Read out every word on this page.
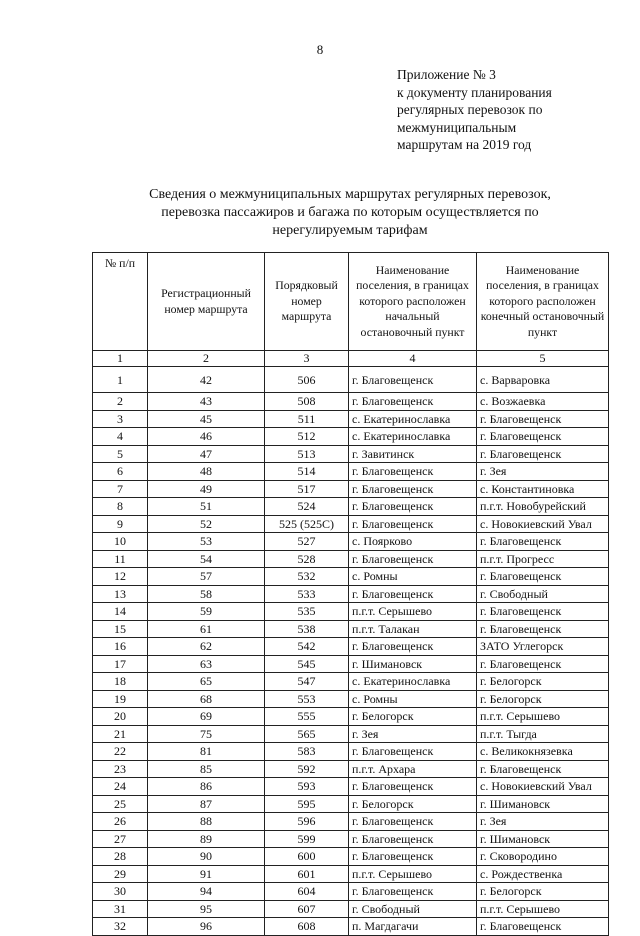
8
Приложение № 3
к документу планирования
регулярных перевозок по
межмуниципальным
маршрутам на 2019 год
Сведения о межмуниципальных маршрутах регулярных перевозок,
перевозка пассажиров и багажа по которым осуществляется по
нерегулируемым тарифам
№ п/п	Регистрационный номер маршрута	Порядковый номер маршрута	Наименование поселения, в границах которого расположен начальный остановочный пункт	Наименование поселения, в границах которого расположен конечный остановочный пункт
1	2	3	4	5
1	42	506	г. Благовещенск	с. Варваровка
2	43	508	г. Благовещенск	с. Возжаевка
3	45	511	с. Екатеринославка	г. Благовещенск
4	46	512	с. Екатеринославка	г. Благовещенск
5	47	513	г. Завитинск	г. Благовещенск
6	48	514	г. Благовещенск	г. Зея
7	49	517	г. Благовещенск	с. Константиновка
8	51	524	г. Благовещенск	п.г.т. Новобурейский
9	52	525 (525С)	г. Благовещенск	с. Новокиевский Увал
10	53	527	с. Поярково	г. Благовещенск
11	54	528	г. Благовещенск	п.г.т. Прогресс
12	57	532	с. Ромны	г. Благовещенск
13	58	533	г. Благовещенск	г. Свободный
14	59	535	п.г.т. Серышево	г. Благовещенск
15	61	538	п.г.т. Талакан	г. Благовещенск
16	62	542	г. Благовещенск	ЗАТО Углегорск
17	63	545	г. Шимановск	г. Благовещенск
18	65	547	с. Екатеринославка	г. Белогорск
19	68	553	с. Ромны	г. Белогорск
20	69	555	г. Белогорск	п.г.т. Серышево
21	75	565	г. Зея	п.г.т. Тыгда
22	81	583	г. Благовещенск	с. Великокнязевка
23	85	592	п.г.т. Архара	г. Благовещенск
24	86	593	г. Благовещенск	с. Новокиевский Увал
25	87	595	г. Белогорск	г. Шимановск
26	88	596	г. Благовещенск	г. Зея
27	89	599	г. Благовещенск	г. Шимановск
28	90	600	г. Благовещенск	г. Сковородино
29	91	601	п.г.т. Серышево	с. Рождественка
30	94	604	г. Благовещенск	г. Белогорск
31	95	607	г. Свободный	п.г.т. Серышево
32	96	608	п. Магдагачи	г. Благовещенск
